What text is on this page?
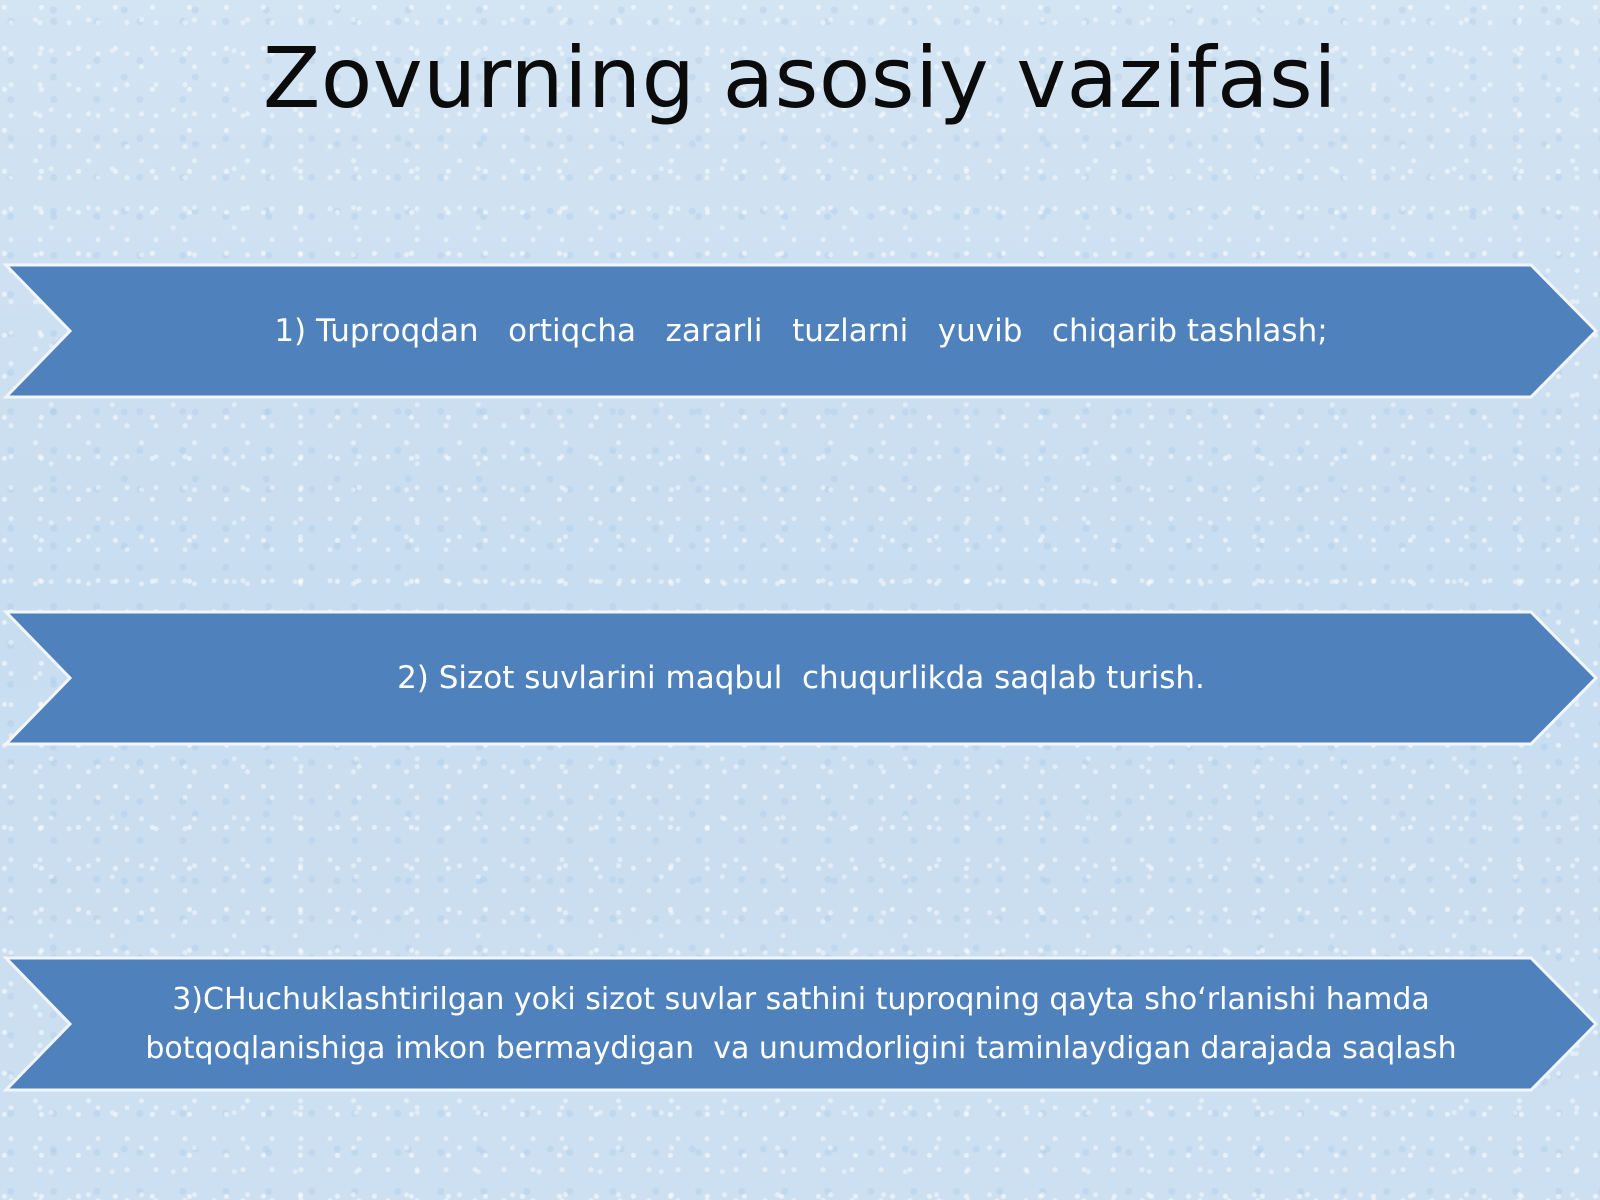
Zovurning asosiy vazifasi
1) Tuproqdan   ortiqcha   zararli   tuzlarni   yuvib   chiqarib tashlash;
2) Sizot suvlarini maqbul  chuqurlikda saqlab turish.
3)CHuchuklashtirilgan yoki sizot suvlar sathini tuproqning qayta sho‘rlanishi hamda botqoqlanishiga imkon bermaydigan  va unumdorligini taminlaydigan darajada saqlash
